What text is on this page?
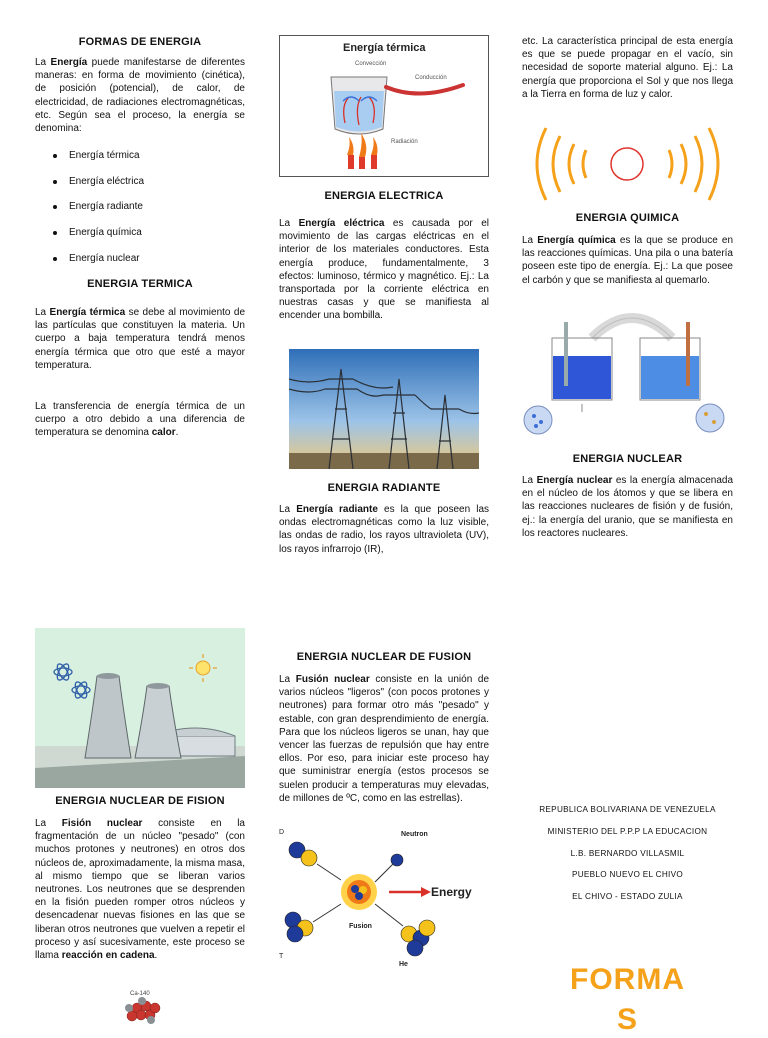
FORMAS DE ENERGIA
La Energía puede manifestarse de diferentes maneras: en forma de movimiento (cinética), de posición (potencial), de calor, de electricidad, de radiaciones electromagnéticas, etc. Según sea el proceso, la energía se denomina:
Energía térmica
Energía eléctrica
Energía radiante
Energía química
Energía nuclear
ENERGIA TERMICA
La Energía térmica se debe al movimiento de las partículas que constituyen la materia. Un cuerpo a baja temperatura tendrá menos energía térmica que otro que esté a mayor temperatura.
La transferencia de energía térmica de un cuerpo a otro debido a una diferencia de temperatura se denomina calor.
ENERGIA NUCLEAR DE FISION
La Fisión nuclear consiste en la fragmentación de un núcleo "pesado" (con muchos protones y neutrones) en otros dos núcleos de, aproximadamente, la misma masa, al mismo tiempo que se liberan varios neutrones. Los neutrones que se desprenden en la fisión pueden romper otros núcleos y desencadenar nuevas fisiones en las que se liberan otros neutrones que vuelven a repetir el proceso y así sucesivamente, este proceso se llama reacción en cadena.
Ca-140
Energía térmica
Convección
Conducción
Radiación
ENERGIA ELECTRICA
La Energía eléctrica es causada por el movimiento de las cargas eléctricas en el interior de los materiales conductores. Esta energía produce, fundamentalmente, 3 efectos: luminoso, térmico y magnético. Ej.: La transportada por la corriente eléctrica en nuestras casas y que se manifiesta al encender una bombilla.
ENERGIA RADIANTE
La Energía radiante es la que poseen las ondas electromagnéticas como la luz visible, las ondas de radio, los rayos ultravioleta (UV), los rayos infrarrojo (IR),
ENERGIA NUCLEAR DE FUSION
La Fusión nuclear consiste en la unión de varios núcleos "ligeros" (con pocos protones y neutrones) para formar otro más "pesado" y estable, con gran desprendimiento de energía. Para que los núcleos ligeros se unan, hay que vencer las fuerzas de repulsión que hay entre ellos. Por eso, para iniciar este proceso hay que suministrar energía (estos procesos se suelen producir a temperaturas muy elevadas, de millones de ºC, como en las estrellas).
D
T
Neutron
Energy
Fusion
He
etc. La característica principal de esta energía es que se puede propagar en el vacío, sin necesidad de soporte material alguno. Ej.: La energía que proporciona el Sol y que nos llega a la Tierra en forma de luz y calor.
ENERGIA QUIMICA
La Energía química es la que se produce en las reacciones químicas. Una pila o una batería poseen este tipo de energía. Ej.: La que posee el carbón y que se manifiesta al quemarlo.
ENERGIA NUCLEAR
La Energía nuclear es la energía almacenada en el núcleo de los átomos y que se libera en las reacciones nucleares de fisión y de fusión, ej.: la energía del uranio, que se manifiesta en los reactores nucleares.
REPUBLICA BOLIVARIANA DE VENEZUELA
MINISTERIO DEL P.P.P LA EDUCACION
L.B. BERNARDO VILLASMIL
PUEBLO NUEVO EL CHIVO
EL CHIVO - ESTADO ZULIA
FORMA
S
